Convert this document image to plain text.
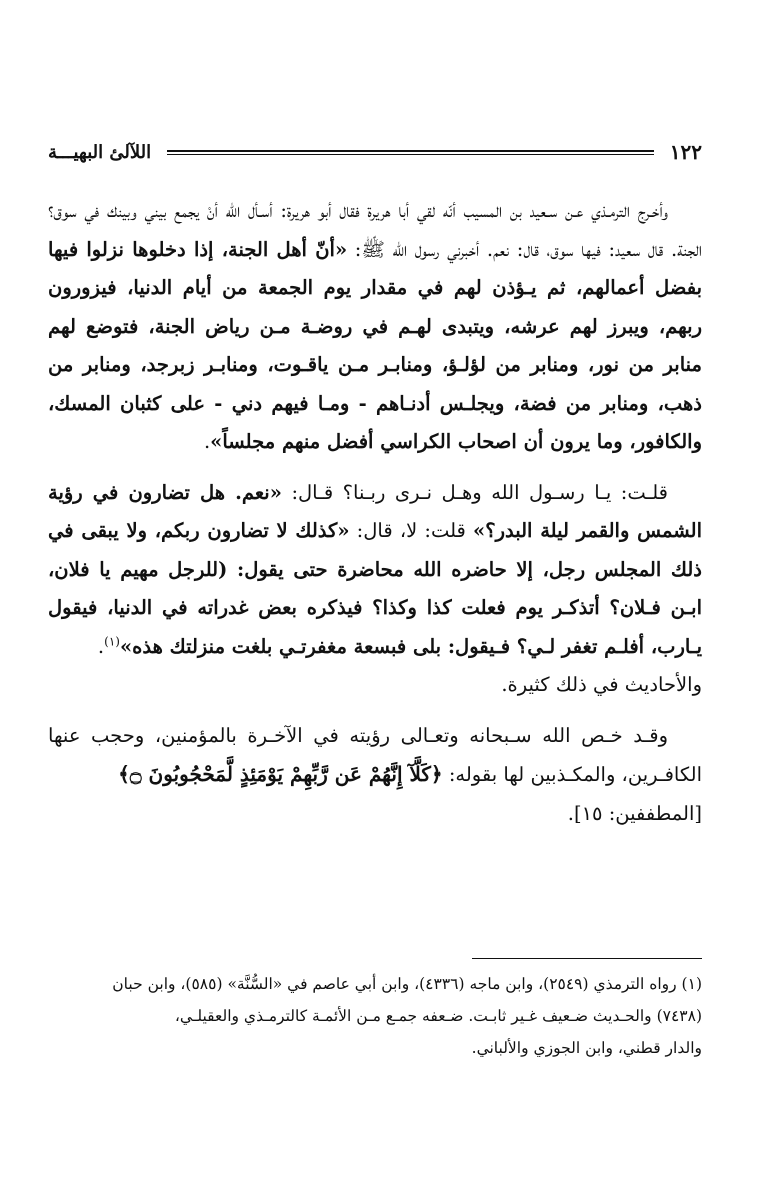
١٢٢
اللآلئ البهيـــة

وأخـرج الترمـذي عـن سـعيد بن المسيب أنّه لقي أبا هريرة فقال أبو هريرة: أسـأل الله أنْ يجمع بيني وبينك في سوق؟ الجنة. قال سعيد: فيها سوق، قال: نعم. أخبرني رسول الله ﷺ: «أنّ أهل الجنة، إذا دخلوها نزلوا فيها بفضل أعمالهم، ثم يـؤذن لهم في مقدار يوم الجمعة من أيام الدنيا، فيزورون ربهم، ويبرز لهم عرشه، ويتبدى لهـم في روضـة مـن رياض الجنة، فتوضع لهم منابر من نور، ومنابر من لؤلـؤ، ومنابـر مـن ياقـوت، ومنابـر زبرجد، ومنابر من ذهب، ومنابر من فضة، ويجلـس أدنـاهم - ومـا فيهم دني - على كثبان المسك، والكافور، وما يرون أن اصحاب الكراسي أفضل منهم مجلساً».

قلـت: يـا رسـول الله وهـل نـرى ربـنا؟ قـال: «نعم. هل تضارون في رؤية الشمس والقمر ليلة البدر؟» قلت: لا، قال: «كذلك لا تضارون ربكم، ولا يبقى في ذلك المجلس رجل، إلا حاضره الله محاضرة حتى يقول: (للرجل مهيم يا فلان، ابـن فـلان؟ أتذكـر يوم فعلت كذا وكذا؟ فيذكره بعض غدراته في الدنيا، فيقول يـارب، أفلـم تغفر لـي؟ فـيقول: بلى فبسعة مغفرتـي بلغت منزلتك هذه»$^{(١)}$.
والأحاديث في ذلك كثيرة.

وقـد خـص الله سـبحانه وتعـالى رؤيته في الآخـرة بالمؤمنين، وحجب عنها الكافـرين، والمكـذبين لها بقوله: ﴿كَلَّآ إِنَّهُمْ عَن رَّبِّهِمْ يَوْمَئِذٍ لَّمَحْجُوبُونَ ۝﴾
[المطففين: ١٥].

(١) رواه الترمذي (٢٥٤٩)، وابن ماجه (٤٣٣٦)، وابن أبي عاصم في «السُّنَّة» (٥٨٥)، وابن حبان

(٧٤٣٨) والحـديث ضـعيف غـير ثابـت. ضـعفه جمـع مـن الأئمـة كالترمـذي والعقيلـي،

والدار قطني، وابن الجوزي والألباني.
